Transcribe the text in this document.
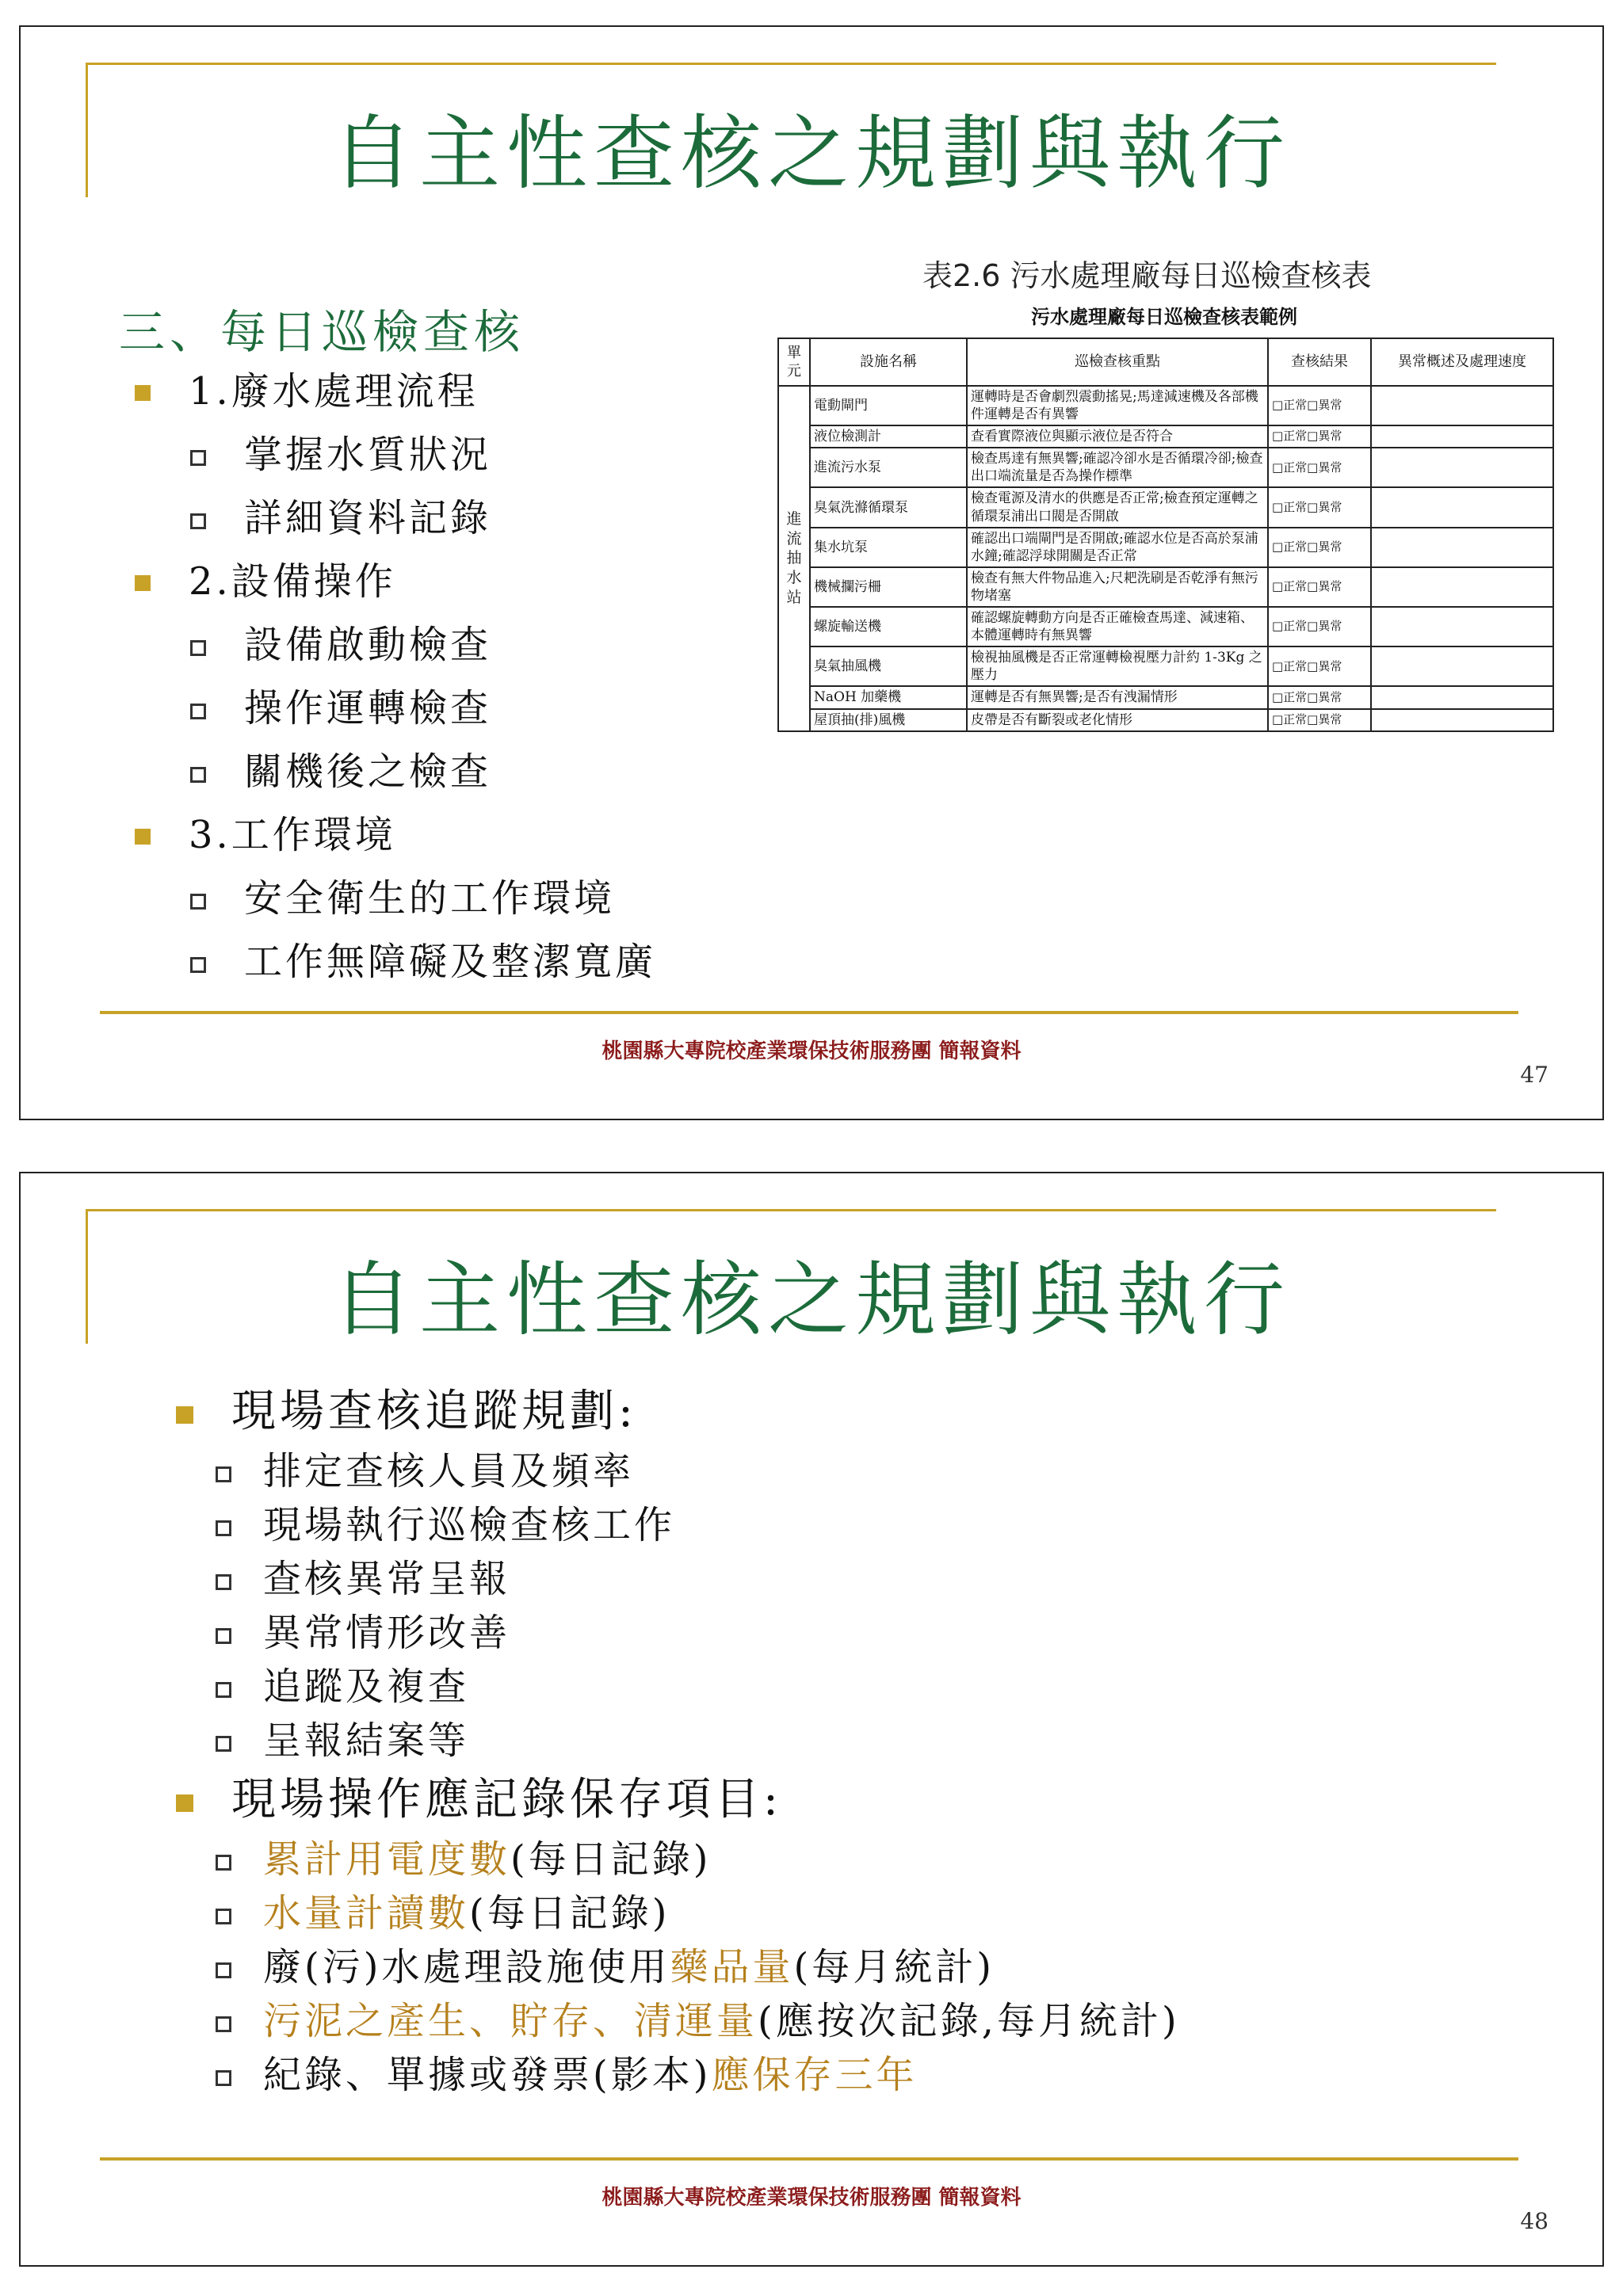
自主性查核之規劃與執行
三、每日巡檢查核
1.廢水處理流程
掌握水質狀況
詳細資料記錄
2.設備操作
設備啟動檢查
操作運轉檢查
關機後之檢查
3.工作環境
安全衛生的工作環境
工作無障礙及整潔寬廣
表2.6 污水處理廠每日巡檢查核表
污水處理廠每日巡檢查核表範例
單元	設施名稱	巡檢查核重點	查核結果	異常概述及處理速度
進流抽水站	電動閘門	運轉時是否會劇烈震動搖晃;馬達減速機及各部機件運轉是否有異響	□正常□異常	
	液位檢測計	查看實際液位與顯示液位是否符合	□正常□異常	
	進流污水泵	檢查馬達有無異響;確認冷卻水是否循環冷卻;檢查出口端流量是否為操作標準	□正常□異常	
	臭氣洗滌循環泵	檢查電源及清水的供應是否正常;檢查預定運轉之循環泵浦出口閥是否開啟	□正常□異常	
	集水坑泵	確認出口端閘門是否開啟;確認水位是否高於泵浦水鐘;確認浮球開關是否正常	□正常□異常	
	機械攔污柵	檢查有無大件物品進入;尺耙洗刷是否乾淨有無污物堵塞	□正常□異常	
	螺旋輸送機	確認螺旋轉動方向是否正確檢查馬達、減速箱、本體運轉時有無異響	□正常□異常	
	臭氣抽風機	檢視抽風機是否正常運轉檢視壓力計約 1-3Kg 之壓力	□正常□異常	
	NaOH 加藥機	運轉是否有無異響;是否有洩漏情形	□正常□異常	
	屋頂抽(排)風機	皮帶是否有斷裂或老化情形	□正常□異常	
桃園縣大專院校產業環保技術服務團 簡報資料
47
自主性查核之規劃與執行
現場查核追蹤規劃:
排定查核人員及頻率
現場執行巡檢查核工作
查核異常呈報
異常情形改善
追蹤及複查
呈報結案等
現場操作應記錄保存項目:
累計用電度數(每日記錄)
水量計讀數(每日記錄)
廢(污)水處理設施使用藥品量(每月統計)
污泥之產生、貯存、清運量(應按次記錄,每月統計)
紀錄、單據或發票(影本)應保存三年
桃園縣大專院校產業環保技術服務團 簡報資料
48
